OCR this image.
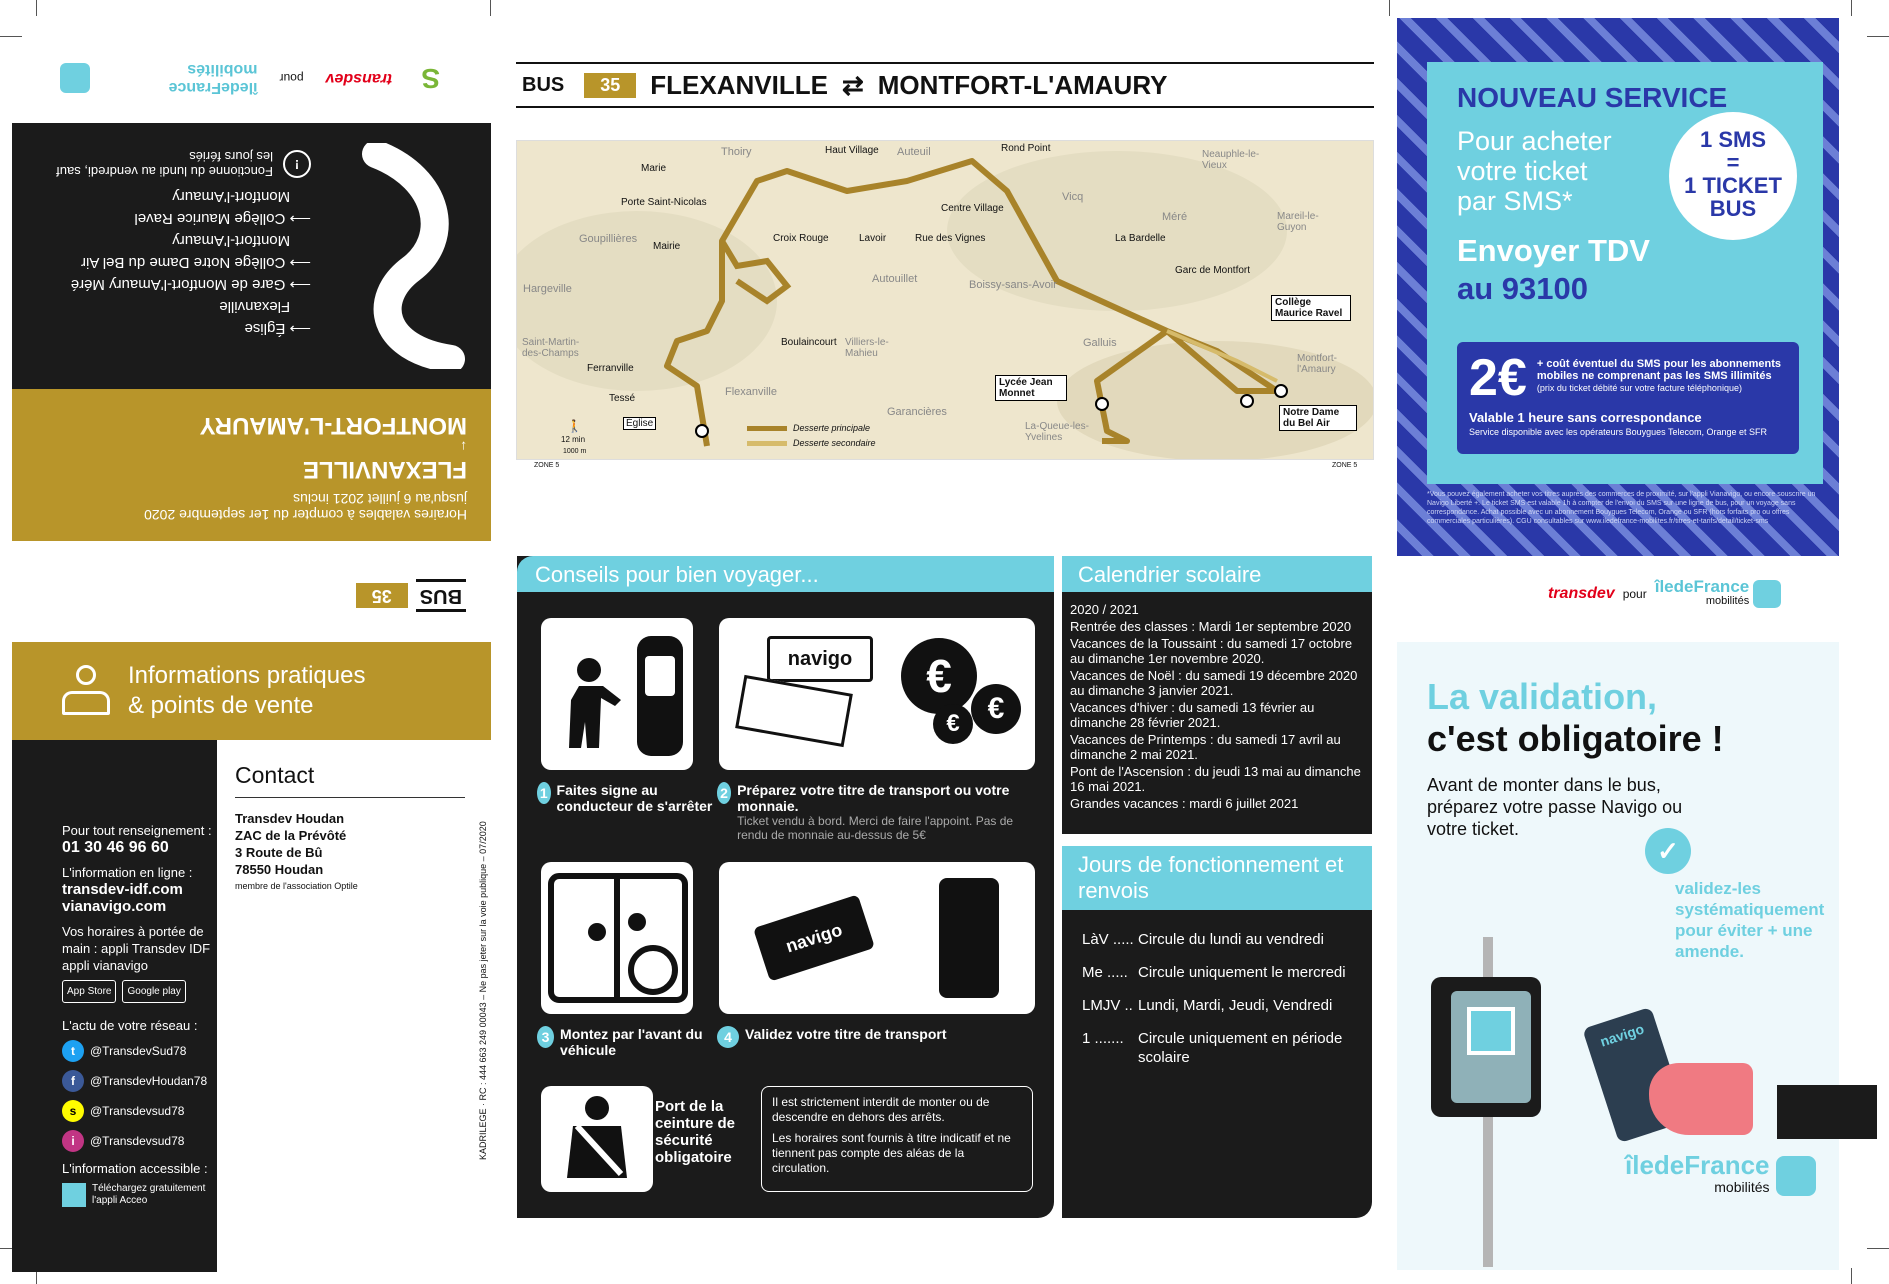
S
transdev
pour
îledeFrance mobilités
⟶ Église
Flexanville
⟶ Gare de Montfort-l'Amaury Méré
⟶ Collège Notre Dame du Bel Air
Montfort-l'Amaury
⟶ Collège Maurice Ravel
Montfort-l'Amaury
!
Fonctionne du lundi au vendredi, sauf les jours fériés
Horaires valables à compter du 1er septembre 2020
jusqu'au 6 juillet 2021 inclus
FLEXANVILLE
↓
MONTFORT-L'AMAURY
BUS
35
Informations pratiques
& points de vente
Pour tout renseignement :
01 30 46 96 60
L'information en ligne :
transdev-idf.com
vianavigo.com
Vos horaires à portée de main : appli Transdev IDF appli vianavigo
App Store	Google play
L'actu de votre réseau :
t	@TransdevSud78
f	@TransdevHoudan78
s	@Transdevsud78
i	@Transdevsud78
L'information accessible :
Téléchargez gratuitement l'appli Acceo
Contact
Transdev Houdan
ZAC de la Prévôté
3 Route de Bû
78550 Houdan
membre de l'association Optile	KADRILEGE · RC : 444 663 249 00043 – Ne pas jeter sur la voie publique – 07/2020
BUS	35	FLEXANVILLE ⇄ MONTFORT-L'AMAURY
Thoiry	Auteuil	Neauphle-le-Vieux
Vicq
Méré	Mareil-le-Guyon
Goupillières
Autouillet	Boissy-sans-Avoir
Hargeville
Saint-Martin-des-Champs
Villiers-le-Mahieu
Galluis
Flexanville
Garancières
La-Queue-les-Yvelines
Montfort-l'Amaury
Marie
Haut Village	Rond Point
Porte Saint-Nicolas
Centre Village
Mairie
Croix Rouge	Lavoir	Rue des Vignes	La Bardelle
Garc de Montfort
Boulaincourt
Ferranville
Tessé
Église
Lycée Jean Monnet
Collège Maurice Ravel
Notre Dame du Bel Air
Desserte principale
Desserte secondaire
🚶
12 min
1000 m
ZONE 5	ZONE 5
Conseils pour bien voyager...
navigo	€
€ €
1 Faites signe au conducteur de s'arrêter
2 Préparez votre titre de transport ou votre monnaie.
Ticket vendu à bord. Merci de faire l'appoint. Pas de rendu de monnaie au-dessus de 5€
navigo
3 Montez par l'avant du véhicule
4 Validez votre titre de transport
Port de la ceinture de sécurité obligatoire
Il est strictement interdit de monter ou de descendre en dehors des arrêts.
Les horaires sont fournis à titre indicatif et ne tiennent pas compte des aléas de la circulation.
Calendrier scolaire
2020 / 2021
Rentrée des classes : Mardi 1er septembre 2020
Vacances de la Toussaint : du samedi 17 octobre au dimanche 1er novembre 2020.
Vacances de Noël : du samedi 19 décembre 2020 au dimanche 3 janvier 2021.
Vacances d'hiver : du samedi 13 février au dimanche 28 février 2021.
Vacances de Printemps : du samedi 17 avril au dimanche 2 mai 2021.
Pont de l'Ascension : du jeudi 13 mai au dimanche 16 mai 2021.
Grandes vacances : mardi 6 juillet 2021
Jours de fonctionnement et renvois
LàV ..... Circule du lundi au vendredi
Me ..... Circule uniquement le mercredi
LMJV .. Lundi, Mardi, Jeudi, Vendredi
1 ....... Circule uniquement en période scolaire
NOUVEAU SERVICE
Pour acheter
votre ticket
par SMS*
1 SMS
=
1 TICKET
BUS
Envoyer TDV
au 93100
2€ + coût éventuel du SMS pour les abonnements mobiles ne comprenant pas les SMS illimités
(prix du ticket débité sur votre facture téléphonique)
Valable 1 heure sans correspondance
Service disponible avec les opérateurs Bouygues Telecom, Orange et SFR
*Vous pouvez également acheter vos titres auprès des commerces de proximité, sur l'appli Vianavigo, ou encore souscrire un Navigo Liberté +. Le ticket SMS est valable 1h à compter de l'envoi du SMS sur une ligne de bus, pour un voyage sans correspondance. Achat possible avec un abonnement Bouygues Telecom, Orange ou SFR (hors forfaits pro ou offres commerciales particulières). CGU consultables sur www.iledefrance-mobilites.fr/titres-et-tarifs/detail/ticket-sms
transdev pour îledeFrance
mobilités
La validation,
c'est obligatoire !
Avant de monter dans le bus, préparez votre passe Navigo ou votre ticket.
✓
validez-les systématiquement pour éviter + une amende.
navigo
îledeFrance
mobilités
